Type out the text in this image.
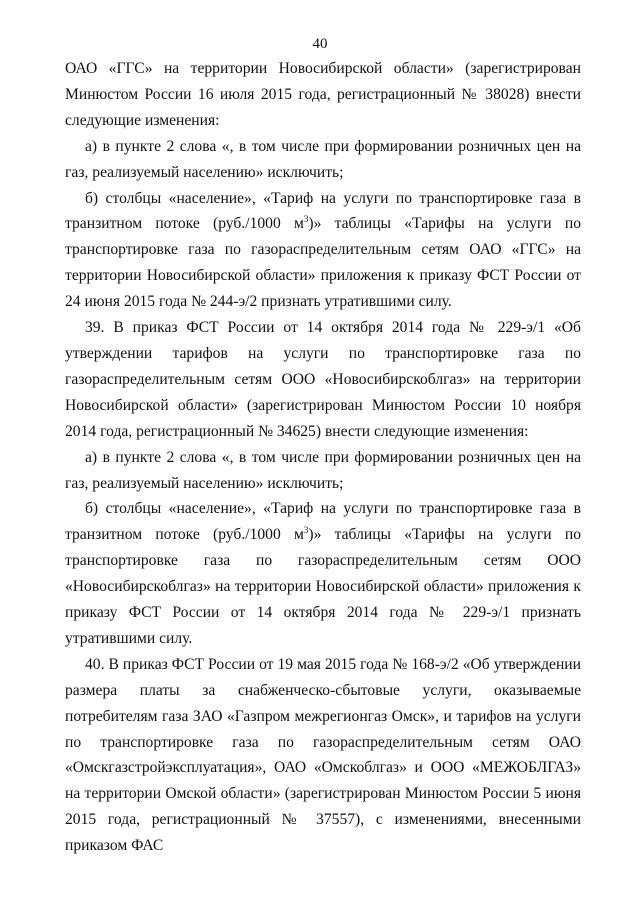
40

ОАО «ГГС» на территории Новосибирской области» (зарегистрирован Минюстом России 16 июля 2015 года, регистрационный № 38028) внести следующие изменения:

а) в пункте 2 слова «, в том числе при формировании розничных цен на газ, реализуемый населению» исключить;

б) столбцы «население», «Тариф на услуги по транспортировке газа в транзитном потоке (руб./1000 $м^3$)» таблицы «Тарифы на услуги по транспортировке газа по газораспределительным сетям ОАО «ГГС» на территории Новосибирской области» приложения к приказу ФСТ России от 24 июня 2015 года № 244-э/2 признать утратившими силу.

39. В приказ ФСТ России от 14 октября 2014 года № 229-э/1 «Об утверждении тарифов на услуги по транспортировке газа по газораспределительным сетям ООО «Новосибирскоблгаз» на территории Новосибирской области» (зарегистрирован Минюстом России 10 ноября 2014 года, регистрационный № 34625) внести следующие изменения:

а) в пункте 2 слова «, в том числе при формировании розничных цен на газ, реализуемый населению» исключить;

б) столбцы «население», «Тариф на услуги по транспортировке газа в транзитном потоке (руб./1000 $м^3$)» таблицы «Тарифы на услуги по транспортировке газа по газораспределительным сетям ООО «Новосибирскоблгаз» на территории Новосибирской области» приложения к приказу ФСТ России от 14 октября 2014 года № 229-э/1 признать утратившими силу.

40. В приказ ФСТ России от 19 мая 2015 года № 168-э/2 «Об утверждении размера платы за снабженческо-сбытовые услуги, оказываемые потребителям газа ЗАО «Газпром межрегионгаз Омск», и тарифов на услуги по транспортировке газа по газораспределительным сетям ОАО «Омскгазстройэксплуатация», ОАО «Омскоблгаз» и ООО «МЕЖОБЛГАЗ» на территории Омской области» (зарегистрирован Минюстом России 5 июня 2015 года, регистрационный № 37557), с изменениями, внесенными приказом ФАС
